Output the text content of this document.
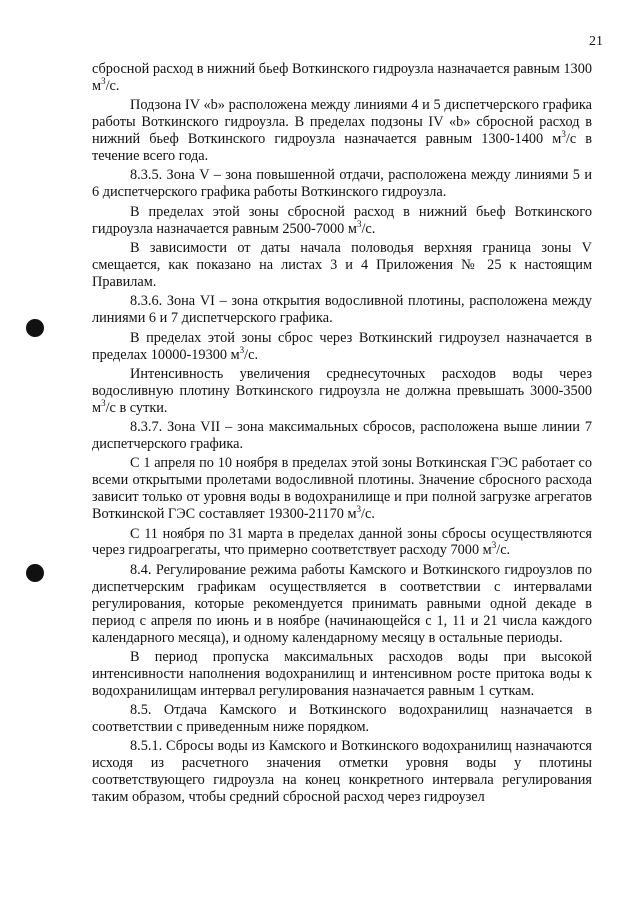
21

сбросной расход в нижний бьеф Воткинского гидроузла назначается равным 1300 $м^3/с$.

Подзона IV «b» расположена между линиями 4 и 5 диспетчерского графика работы Воткинского гидроузла. В пределах подзоны IV «b» сбросной расход в нижний бьеф Воткинского гидроузла назначается равным 1300-1400 $м^3/с$ в течение всего года.

8.3.5. Зона V – зона повышенной отдачи, расположена между линиями 5 и 6 диспетчерского графика работы Воткинского гидроузла.

В пределах этой зоны сбросной расход в нижний бьеф Воткинского гидроузла назначается равным 2500-7000 $м^3/с$.

В зависимости от даты начала половодья верхняя граница зоны V смещается, как показано на листах 3 и 4 Приложения № 25 к настоящим Правилам.

8.3.6. Зона VI – зона открытия водосливной плотины, расположена между линиями 6 и 7 диспетчерского графика.

В пределах этой зоны сброс через Воткинский гидроузел назначается в пределах 10000-19300 $м^3/с$.

Интенсивность увеличения среднесуточных расходов воды через водосливную плотину Воткинского гидроузла не должна превышать 3000-3500 $м^3/с$ в сутки.

8.3.7. Зона VII – зона максимальных сбросов, расположена выше линии 7 диспетчерского графика.

С 1 апреля по 10 ноября в пределах этой зоны Воткинская ГЭС работает со всеми открытыми пролетами водосливной плотины. Значение сбросного расхода зависит только от уровня воды в водохранилище и при полной загрузке агрегатов Воткинской ГЭС составляет 19300-21170 $м^3/с$.

С 11 ноября по 31 марта в пределах данной зоны сбросы осуществляются через гидроагрегаты, что примерно соответствует расходу 7000 $м^3/с$.

8.4. Регулирование режима работы Камского и Воткинского гидроузлов по диспетчерским графикам осуществляется в соответствии с интервалами регулирования, которые рекомендуется принимать равными одной декаде в период с апреля по июнь и в ноябре (начинающейся с 1, 11 и 21 числа каждого календарного месяца), и одному календарному месяцу в остальные периоды.

В период пропуска максимальных расходов воды при высокой интенсивности наполнения водохранилищ и интенсивном росте притока воды к водохранилищам интервал регулирования назначается равным 1 суткам.

8.5. Отдача Камского и Воткинского водохранилищ назначается в соответствии с приведенным ниже порядком.

8.5.1. Сбросы воды из Камского и Воткинского водохранилищ назначаются исходя из расчетного значения отметки уровня воды у плотины соответствующего гидроузла на конец конкретного интервала регулирования таким образом, чтобы средний сбросной расход через гидроузел
